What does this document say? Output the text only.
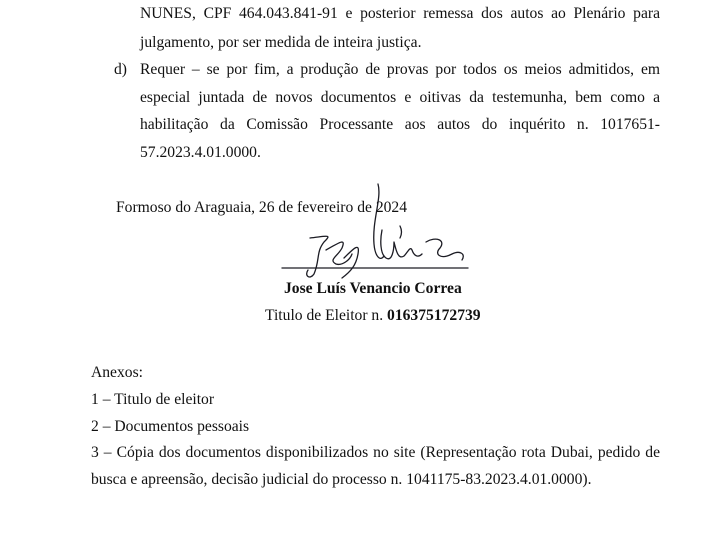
NUNES, CPF 464.043.841-91 e posterior remessa dos autos ao Plenário para
julgamento, por ser medida de inteira justiça.
d) Requer – se por fim, a produção de provas por todos os meios admitidos, em
especial juntada de novos documentos e oitivas da testemunha, bem como a
habilitação da Comissão Processante aos autos do inquérito n. 1017651-
57.2023.4.01.0000.
Formoso do Araguaia, 26 de fevereiro de 2024
Jose Luís Venancio Correa
Titulo de Eleitor n. 016375172739
Anexos:
1 – Titulo de eleitor
2 – Documentos pessoais
3 – Cópia dos documentos disponibilizados no site (Representação rota Dubai, pedido de
busca e apreensão, decisão judicial do processo n. 1041175-83.2023.4.01.0000).
